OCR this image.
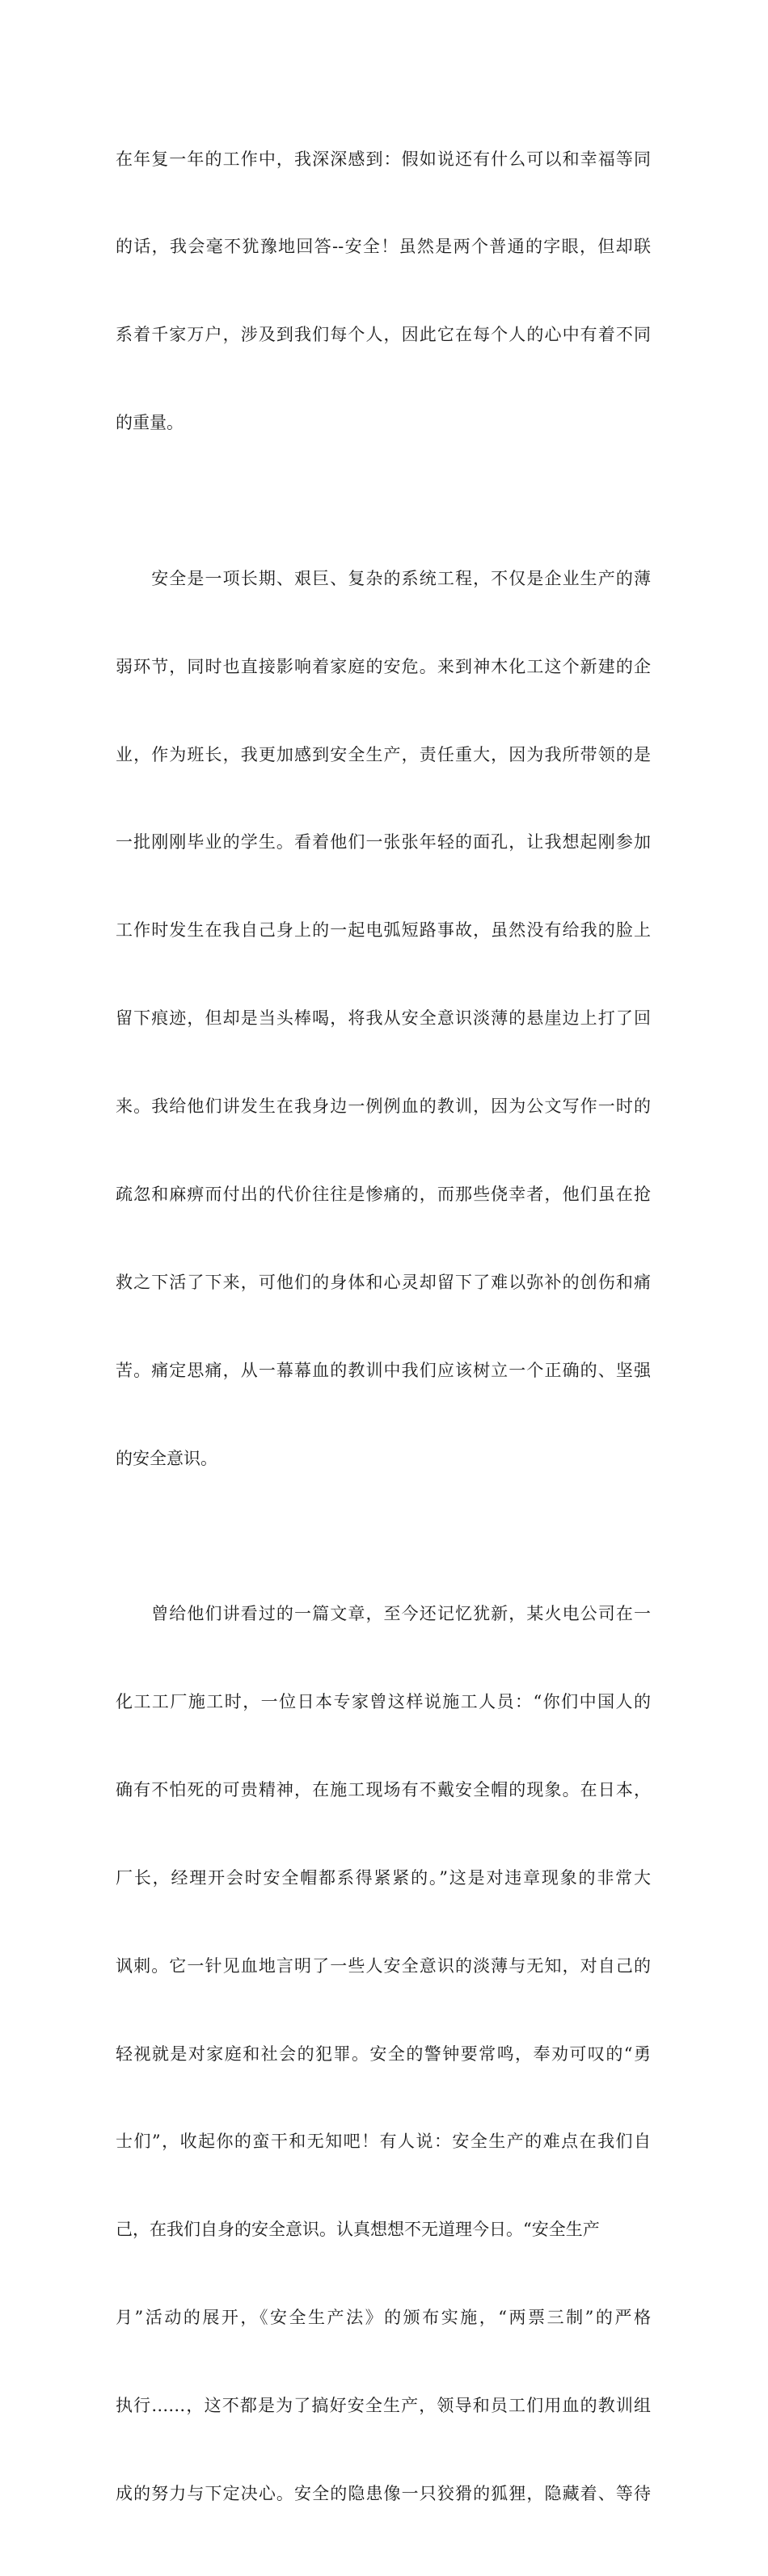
在年复一年的工作中，我深深感到：假如说还有什么可以和幸福等同

的话，我会毫不犹豫地回答--安全！虽然是两个普通的字眼，但却联

系着千家万户，涉及到我们每个人，因此它在每个人的心中有着不同

的重量。

　　安全是一项长期、艰巨、复杂的系统工程，不仅是企业生产的薄

弱环节，同时也直接影响着家庭的安危。来到神木化工这个新建的企

业，作为班长，我更加感到安全生产，责任重大，因为我所带领的是

一批刚刚毕业的学生。看着他们一张张年轻的面孔，让我想起刚参加

工作时发生在我自己身上的一起电弧短路事故，虽然没有给我的脸上

留下痕迹，但却是当头棒喝，将我从安全意识淡薄的悬崖边上打了回

来。我给他们讲发生在我身边一例例血的教训，因为公文写作一时的

疏忽和麻痹而付出的代价往往是惨痛的，而那些侥幸者，他们虽在抢

救之下活了下来，可他们的身体和心灵却留下了难以弥补的创伤和痛

苦。痛定思痛，从一幕幕血的教训中我们应该树立一个正确的、坚强

的安全意识。

　　曾给他们讲看过的一篇文章，至今还记忆犹新，某火电公司在一

化工工厂施工时，一位日本专家曾这样说施工人员：“你们中国人的

确有不怕死的可贵精神，在施工现场有不戴安全帽的现象。在日本，

厂长，经理开会时安全帽都系得紧紧的。”这是对违章现象的非常大

讽刺。它一针见血地言明了一些人安全意识的淡薄与无知，对自己的

轻视就是对家庭和社会的犯罪。安全的警钟要常鸣，奉劝可叹的“勇

士们”，收起你的蛮干和无知吧！有人说：安全生产的难点在我们自

己，在我们自身的安全意识。认真想想不无道理今日。“安全生产

月”活动的展开，《安全生产法》的颁布实施，“两票三制”的严格

执行……，这不都是为了搞好安全生产，领导和员工们用血的教训组

成的努力与下定决心。安全的隐患像一只狡猾的狐狸，隐藏着、等待
